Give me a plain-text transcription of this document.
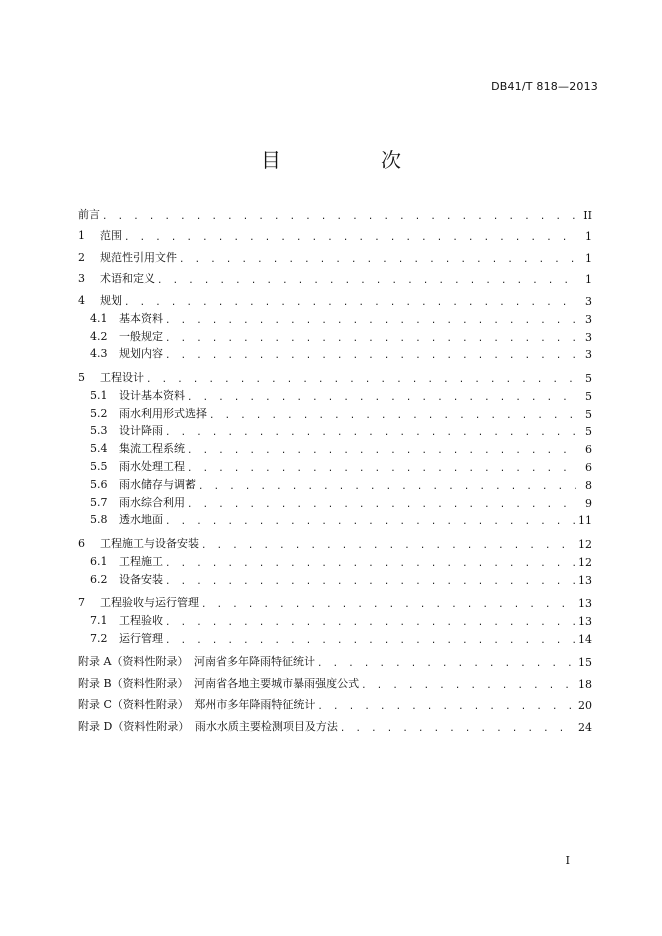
DB41/T 818—2013
目　次
前言 . . .	II
1 范围 . . .	1
2 规范性引用文件 . . .	1
3 术语和定义 . . .	1
4 规划 . . .	3
4.1 基本资料 . . .	3
4.2 一般规定 . . .	3
4.3 规划内容 . . .	3
5 工程设计 . . .	5
5.1 设计基本资料 . . .	5
5.2 雨水利用形式选择 . . .	5
5.3 设计降雨 . . .	5
5.4 集流工程系统 . . .	6
5.5 雨水处理工程 . . .	6
5.6 雨水储存与调蓄 . . .	8
5.7 雨水综合利用 . . .	9
5.8 透水地面 . . .	11
6 工程施工与设备安装 . . .	12
6.1 工程施工 . . .	12
6.2 设备安装 . . .	13
7 工程验收与运行管理 . . .	13
7.1 工程验收 . . .	13
7.2 运行管理 . . .	14
附录 A（资料性附录）　河南省多年降雨特征统计 . . .	15
附录 B（资料性附录）　河南省各地主要城市暴雨强度公式 . . .	18
附录 C（资料性附录）　郑州市多年降雨特征统计 . . .	20
附录 D（资料性附录）　雨水水质主要检测项目及方法 . . .	24
I
